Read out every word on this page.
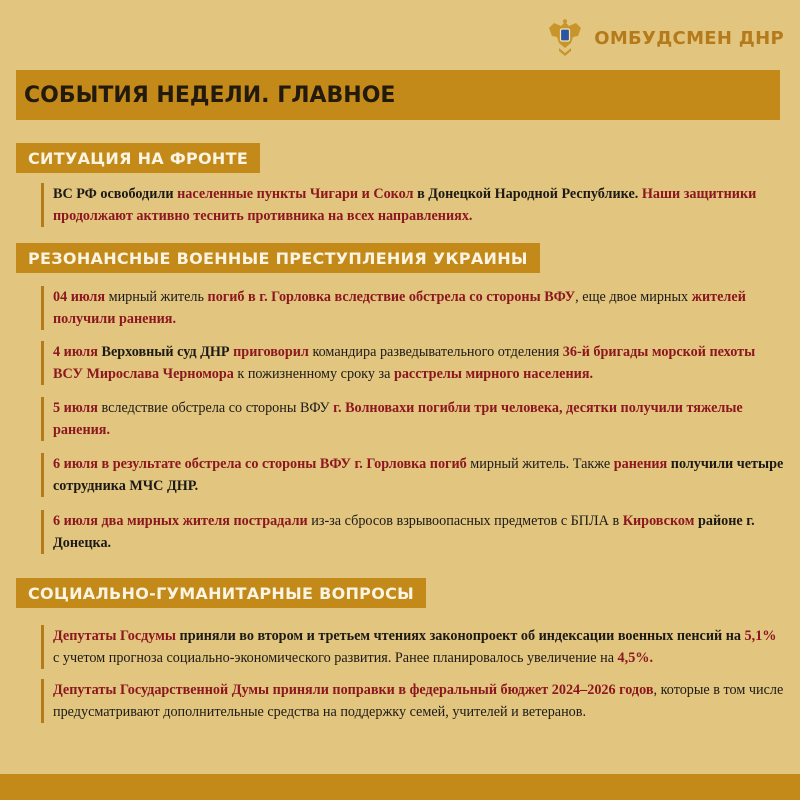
ОМБУДСМЕН ДНР
СОБЫТИЯ НЕДЕЛИ. ГЛАВНОЕ
СИТУАЦИЯ НА ФРОНТЕ
ВС РФ освободили населенные пункты Чигари и Сокол в Донецкой Народной Республике. Наши защитники продолжают активно теснить противника на всех направлениях.
РЕЗОНАНСНЫЕ ВОЕННЫЕ ПРЕСТУПЛЕНИЯ УКРАИНЫ
04 июля мирный житель погиб в г. Горловка вследствие обстрела со стороны ВФУ, еще двое мирных жителей получили ранения.
4 июля Верховный суд ДНР приговорил командира разведывательного отделения 36-й бригады морской пехоты ВСУ Мирослава Черномора к пожизненному сроку за расстрелы мирного населения.
5 июля вследствие обстрела со стороны ВФУ г. Волновахи погибли три человека, десятки получили тяжелые ранения.
6 июля в результате обстрела со стороны ВФУ г. Горловка погиб мирный житель. Также ранения получили четыре сотрудника МЧС ДНР.
6 июля два мирных жителя пострадали из-за сбросов взрывоопасных предметов с БПЛА в Кировском районе г. Донецка.
СОЦИАЛЬНО-ГУМАНИТАРНЫЕ ВОПРОСЫ
Депутаты Госдумы приняли во втором и третьем чтениях законопроект об индексации военных пенсий на 5,1% с учетом прогноза социально-экономического развития. Ранее планировалось увеличение на 4,5%.
Депутаты Государственной Думы приняли поправки в федеральный бюджет 2024–2026 годов, которые в том числе предусматривают дополнительные средства на поддержку семей, учителей и ветеранов.
